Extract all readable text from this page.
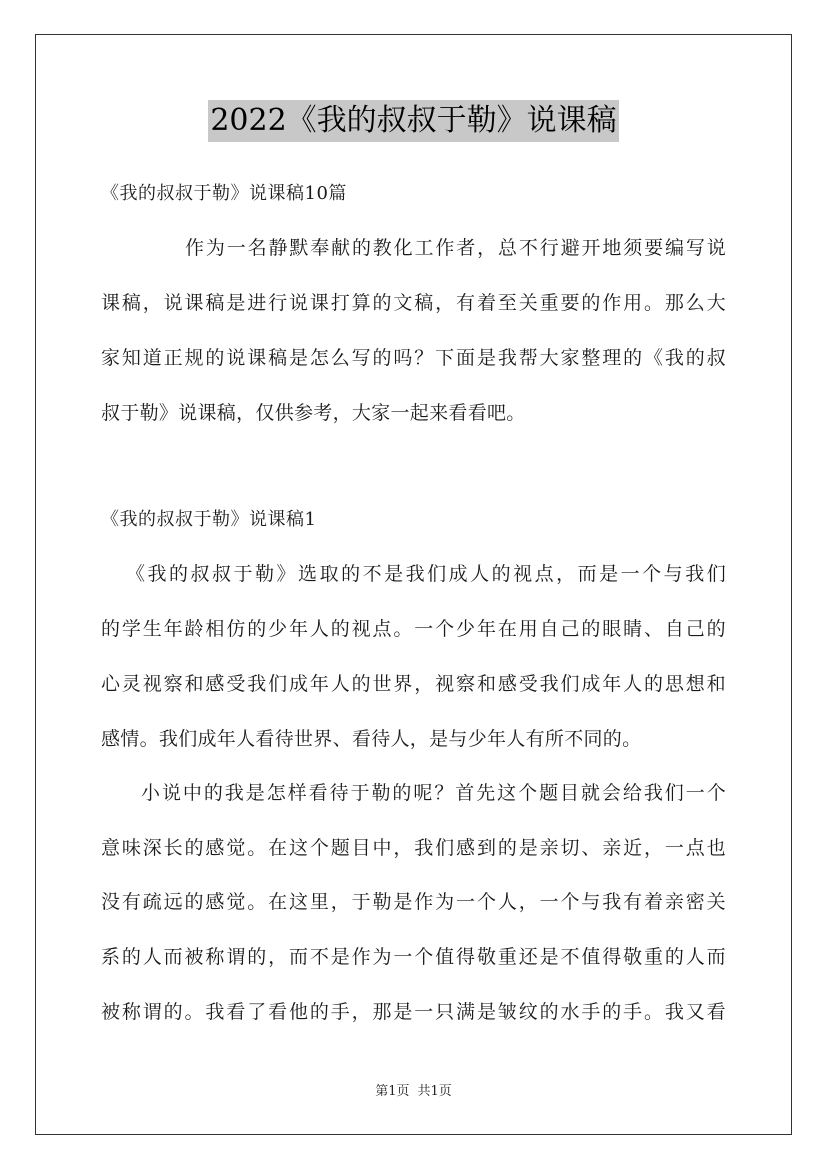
2022《我的叔叔于勒》说课稿
《我的叔叔于勒》说课稿10篇
作为一名静默奉献的教化工作者，总不行避开地须要编写说
课稿，说课稿是进行说课打算的文稿，有着至关重要的作用。那么大
家知道正规的说课稿是怎么写的吗？下面是我帮大家整理的《我的叔
叔于勒》说课稿，仅供参考，大家一起来看看吧。
《我的叔叔于勒》说课稿1
《我的叔叔于勒》选取的不是我们成人的视点，而是一个与我们
的学生年龄相仿的少年人的视点。一个少年在用自己的眼睛、自己的
心灵视察和感受我们成年人的世界，视察和感受我们成年人的思想和
感情。我们成年人看待世界、看待人，是与少年人有所不同的。
小说中的我是怎样看待于勒的呢？首先这个题目就会给我们一个
意味深长的感觉。在这个题目中，我们感到的是亲切、亲近，一点也
没有疏远的感觉。在这里，于勒是作为一个人，一个与我有着亲密关
系的人而被称谓的，而不是作为一个值得敬重还是不值得敬重的人而
被称谓的。我看了看他的手，那是一只满是皱纹的水手的手。我又看
第1页 共1页
